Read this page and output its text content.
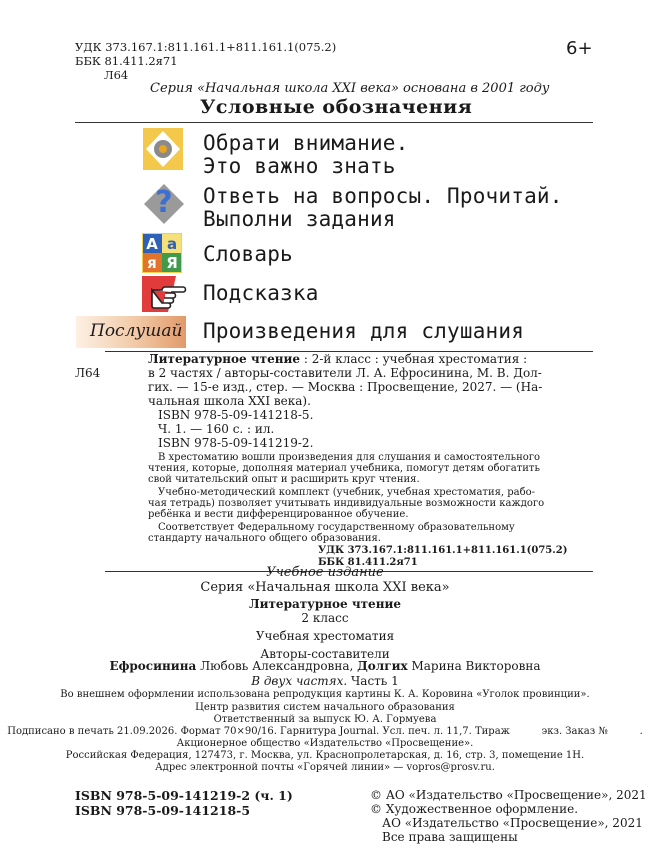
УДК 373.167.1:811.161.1+811.161.1(075.2)
ББК 81.411.2я71
Л64
6+
Серия «Начальная школа XXI века» основана в 2001 году
Условные обозначения
Обрати внимание.
Это важно знать
? Ответь на вопросы. Прочитай.
Выполни задания
А а
я Я Словарь
Подсказка
Послушай Произведения для слушания
Литературное чтение : 2-й класс : учебная хрестоматия :
Л64	в 2 частях / авторы-составители Л. А. Ефросинина, М. В. Дол-
гих. — 15-е изд., стер. — Москва : Просвещение, 2027. — (На-
чальная школа XXI века).
ISBN 978-5-09-141218-5.
Ч. 1. — 160 с. : ил.
ISBN 978-5-09-141219-2.
В хрестоматию вошли произведения для слушания и самостоятельного
чтения, которые, дополняя материал учебника, помогут детям обогатить
свой читательский опыт и расширить круг чтения.
Учебно-методический комплект (учебник, учебная хрестоматия, рабо-
чая тетрадь) позволяет учитывать индивидуальные возможности каждого
ребёнка и вести дифференцированное обучение.
Соответствует Федеральному государственному образовательному
стандарту начального общего образования.
УДК 373.167.1:811.161.1+811.161.1(075.2)
ББК 81.411.2я71
Учебное издание
Серия «Начальная школа XXI века»
Литературное чтение
2 класс
Учебная хрестоматия
Авторы-составители
Ефросинина Любовь Александровна, Долгих Марина Викторовна
В двух частях. Часть 1
Во внешнем оформлении использована репродукция картины К. А. Коровина «Уголок провинции».
Центр развития систем начального образования
Ответственный за выпуск Ю. А. Гормуева
Подписано в печать 21.09.2026. Формат 70×90/16. Гарнитура Journal. Усл. печ. л. 11,7. Тираж          экз. Заказ №          .
Акционерное общество «Издательство «Просвещение».
Российская Федерация, 127473, г. Москва, ул. Краснопролетарская, д. 16, стр. 3, помещение 1Н.
Адрес электронной почты «Горячей линии» — vopros@prosv.ru.
ISBN 978-5-09-141219-2 (ч. 1)
ISBN 978-5-09-141218-5
© АО «Издательство «Просвещение», 2021
© Художественное оформление.
АО «Издательство «Просвещение», 2021
Все права защищены
